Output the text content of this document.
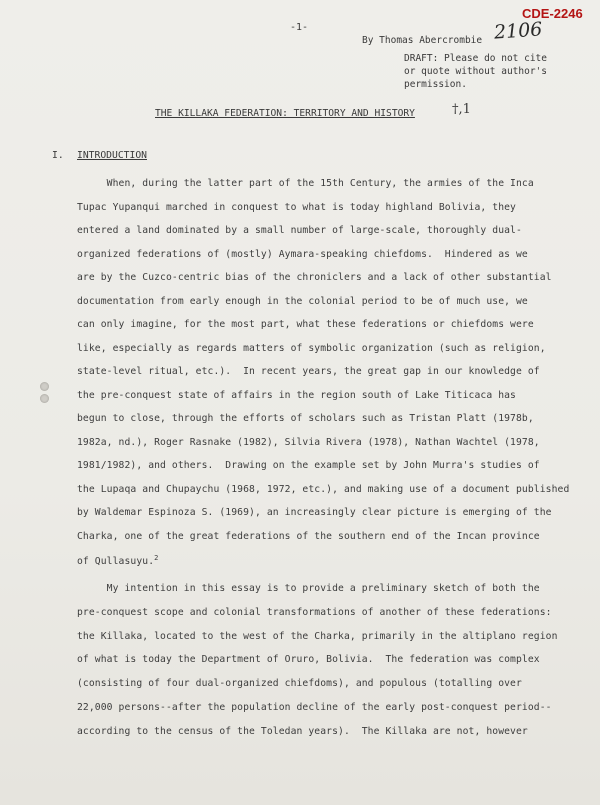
CDE-2246
2106
-1-
By Thomas Abercrombie
DRAFT: Please do not cite
or quote without author's
permission.
THE KILLAKA FEDERATION: TERRITORY AND HISTORY	†,1
I. INTRODUCTION
When, during the latter part of the 15th Century, the armies of the Inca
Tupac Yupanqui marched in conquest to what is today highland Bolivia, they
entered a land dominated by a small number of large-scale, thoroughly dual-
organized federations of (mostly) Aymara-speaking chiefdoms.  Hindered as we
are by the Cuzco-centric bias of the chroniclers and a lack of other substantial
documentation from early enough in the colonial period to be of much use, we
can only imagine, for the most part, what these federations or chiefdoms were
like, especially as regards matters of symbolic organization (such as religion,
state-level ritual, etc.).  In recent years, the great gap in our knowledge of
the pre-conquest state of affairs in the region south of Lake Titicaca has
begun to close, through the efforts of scholars such as Tristan Platt (1978b,
1982a, nd.), Roger Rasnake (1982), Silvia Rivera (1978), Nathan Wachtel (1978,
1981/1982), and others.  Drawing on the example set by John Murra's studies of
the Lupaqa and Chupaychu (1968, 1972, etc.), and making use of a document published
by Waldemar Espinoza S. (1969), an increasingly clear picture is emerging of the
Charka, one of the great federations of the southern end of the Incan province
of Qullasuyu.$^2$
My intention in this essay is to provide a preliminary sketch of both the
pre-conquest scope and colonial transformations of another of these federations:
the Killaka, located to the west of the Charka, primarily in the altiplano region
of what is today the Department of Oruro, Bolivia.  The federation was complex
(consisting of four dual-organized chiefdoms), and populous (totalling over
22,000 persons--after the population decline of the early post-conquest period--
according to the census of the Toledan years).  The Killaka are not, however
